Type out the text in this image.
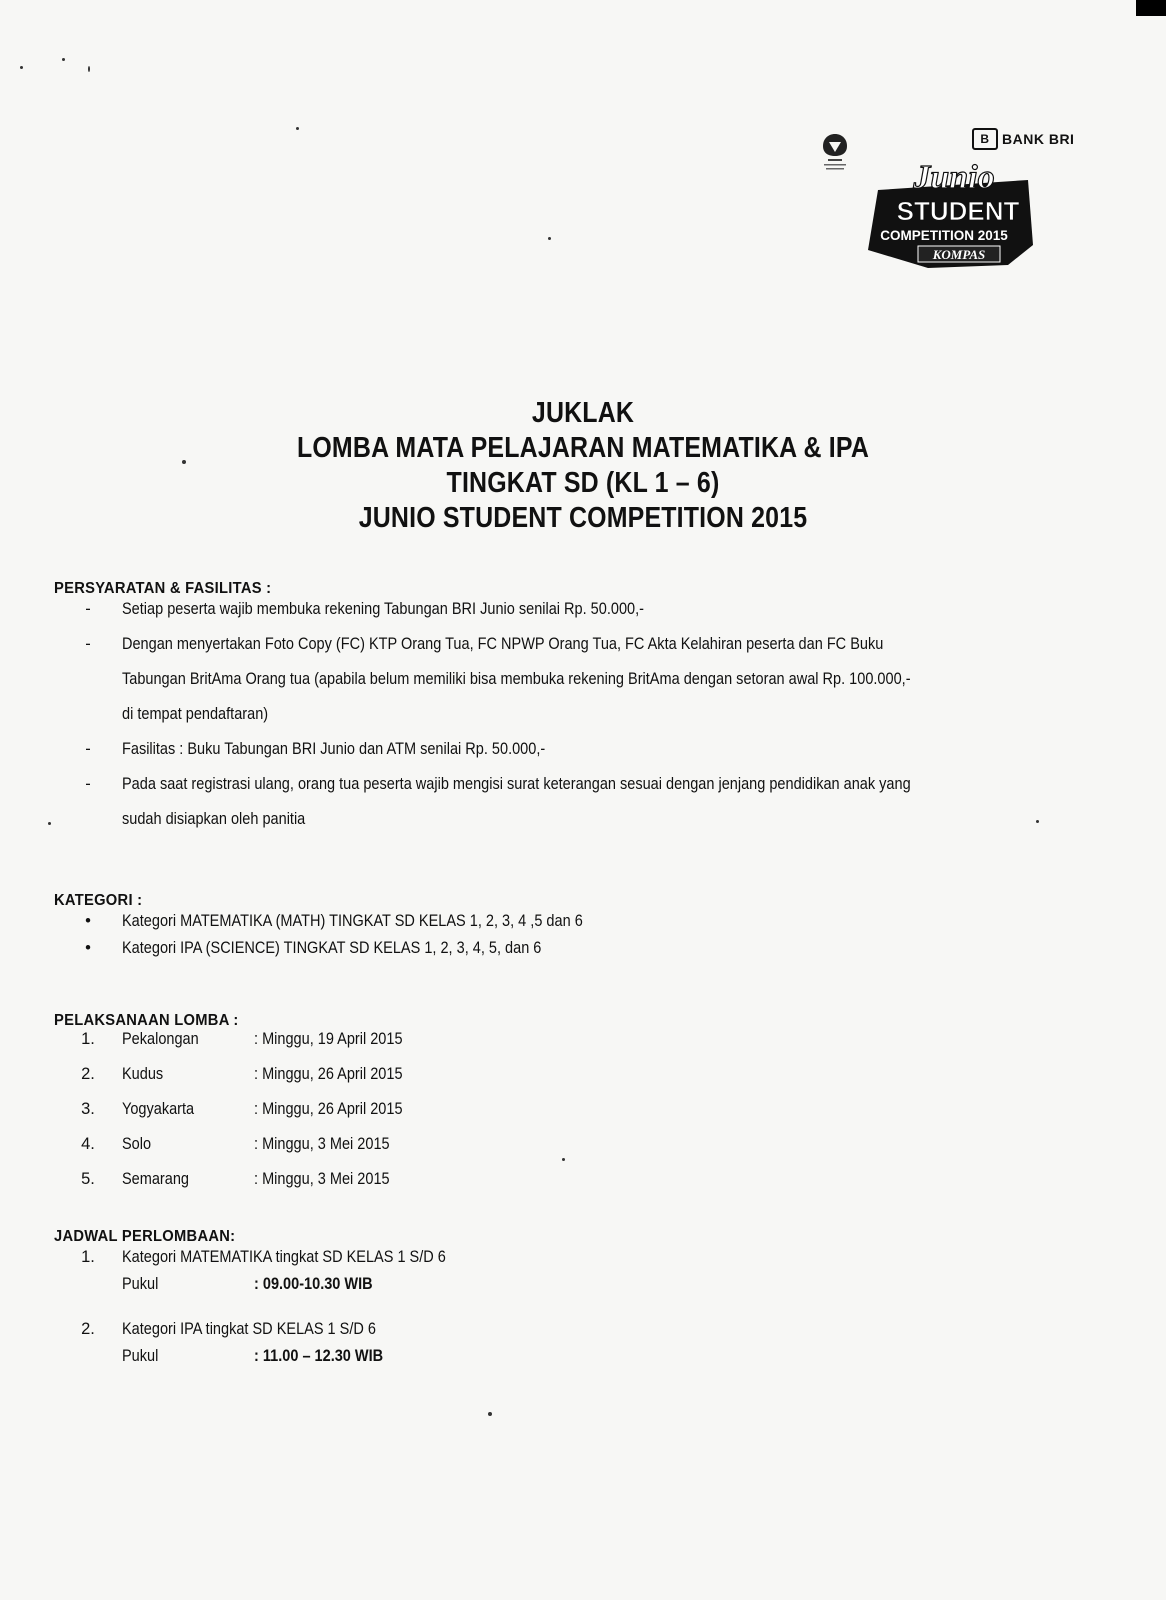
B BANK BRI
Junio
STUDENT
COMPETITION 2015
KOMPAS
JUKLAK
LOMBA MATA PELAJARAN MATEMATIKA & IPA
TINGKAT SD (KL 1 – 6)
JUNIO STUDENT COMPETITION 2015
PERSYARATAN & FASILITAS :
-	Setiap peserta wajib membuka rekening Tabungan BRI Junio senilai Rp. 50.000,-
-	Dengan menyertakan Foto Copy (FC) KTP Orang Tua, FC NPWP Orang Tua, FC Akta Kelahiran peserta dan FC Buku
Tabungan BritAma Orang tua (apabila belum memiliki bisa membuka rekening BritAma dengan setoran awal Rp. 100.000,-
di tempat pendaftaran)
-	Fasilitas : Buku Tabungan BRI Junio dan ATM senilai Rp. 50.000,-
-	Pada saat registrasi ulang, orang tua peserta wajib mengisi surat keterangan sesuai dengan jenjang pendidikan anak yang
sudah disiapkan oleh panitia
KATEGORI :
•	Kategori MATEMATIKA (MATH) TINGKAT SD KELAS 1, 2, 3, 4 ,5 dan 6
•	Kategori IPA (SCIENCE) TINGKAT SD KELAS 1, 2, 3, 4, 5, dan 6
PELAKSANAAN LOMBA :
1.	Pekalongan	: Minggu, 19 April 2015
2.	Kudus	: Minggu, 26 April 2015
3.	Yogyakarta	: Minggu, 26 April 2015
4.	Solo	: Minggu, 3 Mei 2015
5.	Semarang	: Minggu, 3 Mei 2015
JADWAL PERLOMBAAN:
1.	Kategori MATEMATIKA tingkat SD KELAS 1 S/D 6
Pukul	: 09.00-10.30 WIB
2.	Kategori IPA tingkat SD KELAS 1 S/D 6
Pukul	: 11.00 – 12.30 WIB
